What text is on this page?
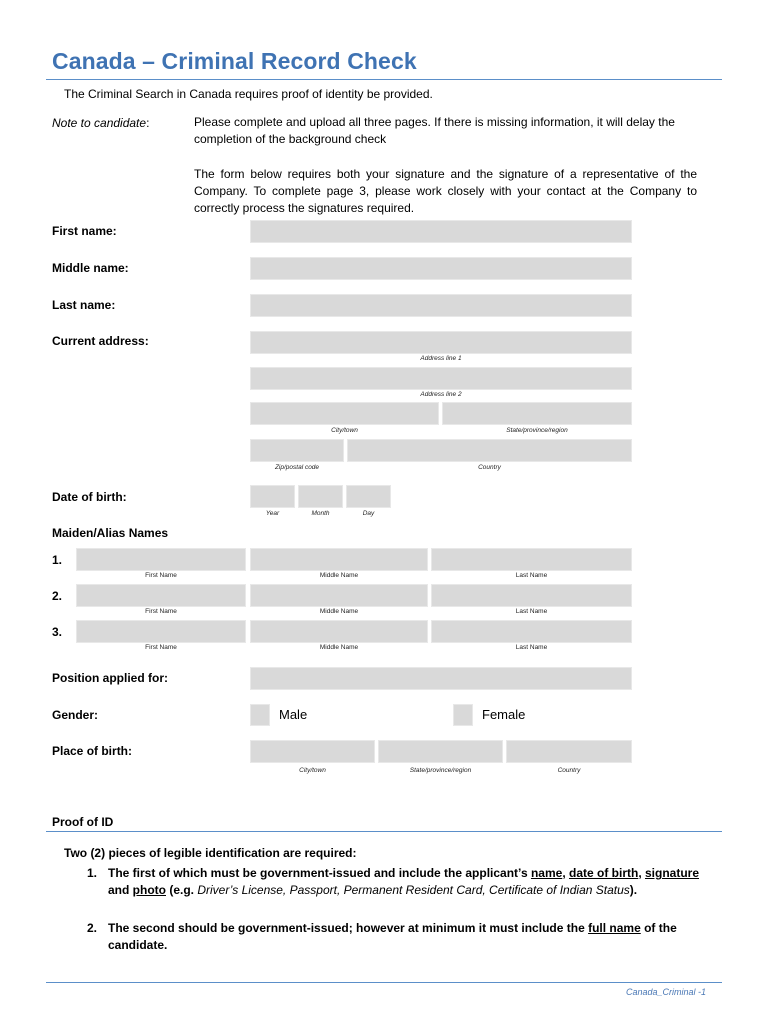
Canada – Criminal Record Check
The Criminal Search in Canada requires proof of identity be provided.
Note to candidate:	Please complete and upload all three pages. If there is missing information, it will delay the completion of the background check
The form below requires both your signature and the signature of a representative of the Company. To complete page 3, please work closely with your contact at the Company to correctly process the signatures required.
First name:
Middle name:
Last name:
Current address:
Address line 1
Address line 2
City/town	State/province/region
Zip/postal code	Country
Date of birth:
Year	Month	Day
Maiden/Alias Names
1.
First Name	Middle Name	Last Name
2.
First Name	Middle Name	Last Name
3.
First Name	Middle Name	Last Name
Position applied for:
Gender:	Male	Female
Place of birth:
City/town	State/province/region	Country
Proof of ID
Two (2) pieces of legible identification are required:
1. The first of which must be government-issued and include the applicant’s name, date of birth, signature and photo (e.g. Driver’s License, Passport, Permanent Resident Card, Certificate of Indian Status).
2. The second should be government-issued; however at minimum it must include the full name of the candidate.
Canada_Criminal -1
